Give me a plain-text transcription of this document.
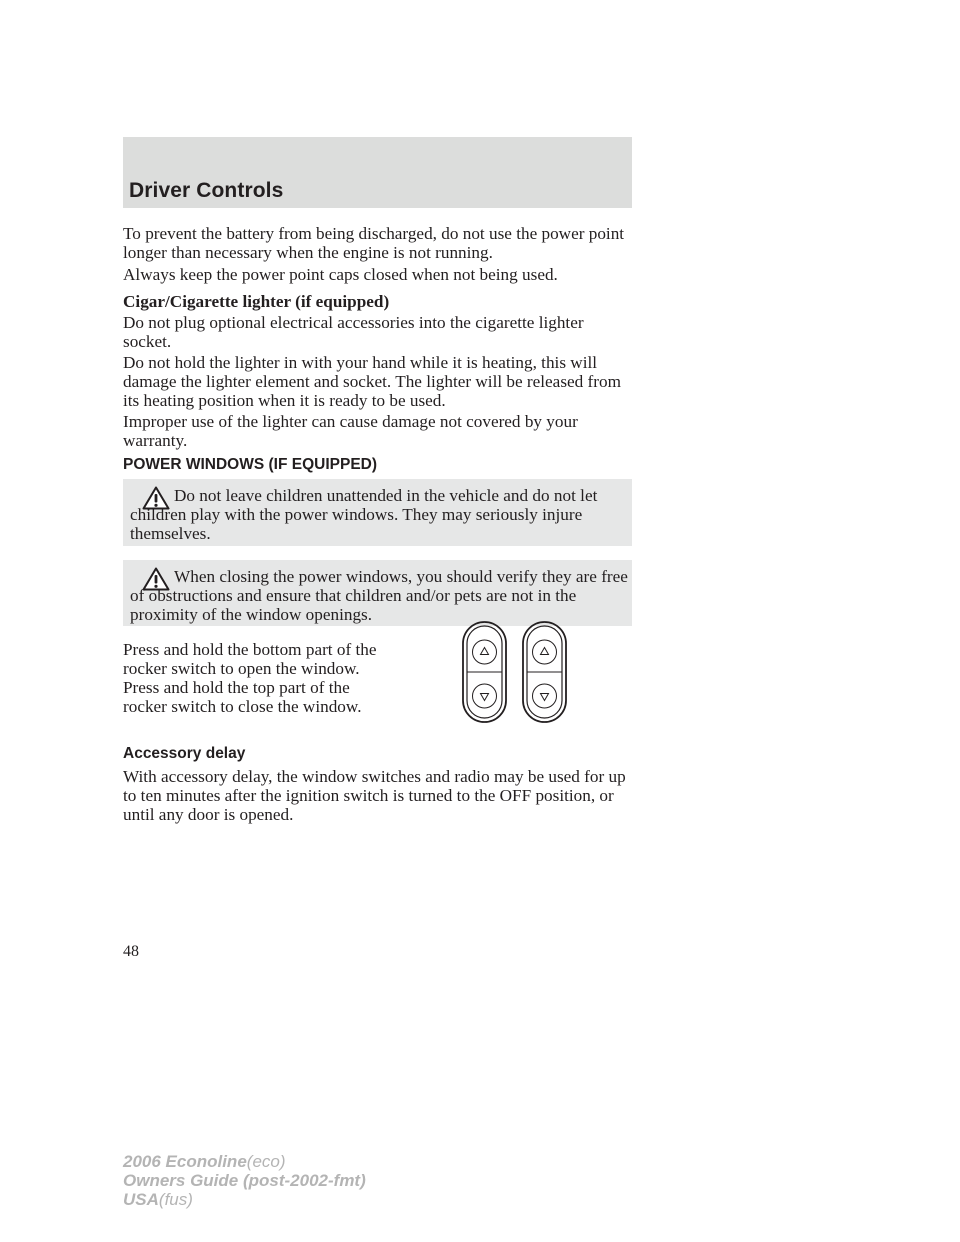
Driver Controls

To prevent the battery from being discharged, do not use the power point longer than necessary when the engine is not running.

Always keep the power point caps closed when not being used.

Cigar/Cigarette lighter (if equipped)

Do not plug optional electrical accessories into the cigarette lighter socket.

Do not hold the lighter in with your hand while it is heating, this will damage the lighter element and socket. The lighter will be released from its heating position when it is ready to be used.

Improper use of the lighter can cause damage not covered by your warranty.

POWER WINDOWS (IF EQUIPPED)

Do not leave children unattended in the vehicle and do not let children play with the power windows. They may seriously injure themselves.

When closing the power windows, you should verify they are free of obstructions and ensure that children and/or pets are not in the proximity of the window openings.

Press and hold the bottom part of the rocker switch to open the window. Press and hold the top part of the rocker switch to close the window.

Accessory delay

With accessory delay, the window switches and radio may be used for up to ten minutes after the ignition switch is turned to the OFF position, or until any door is opened.

48
2006 Econoline(eco)
Owners Guide (post-2002-fmt)
USA(fus)
